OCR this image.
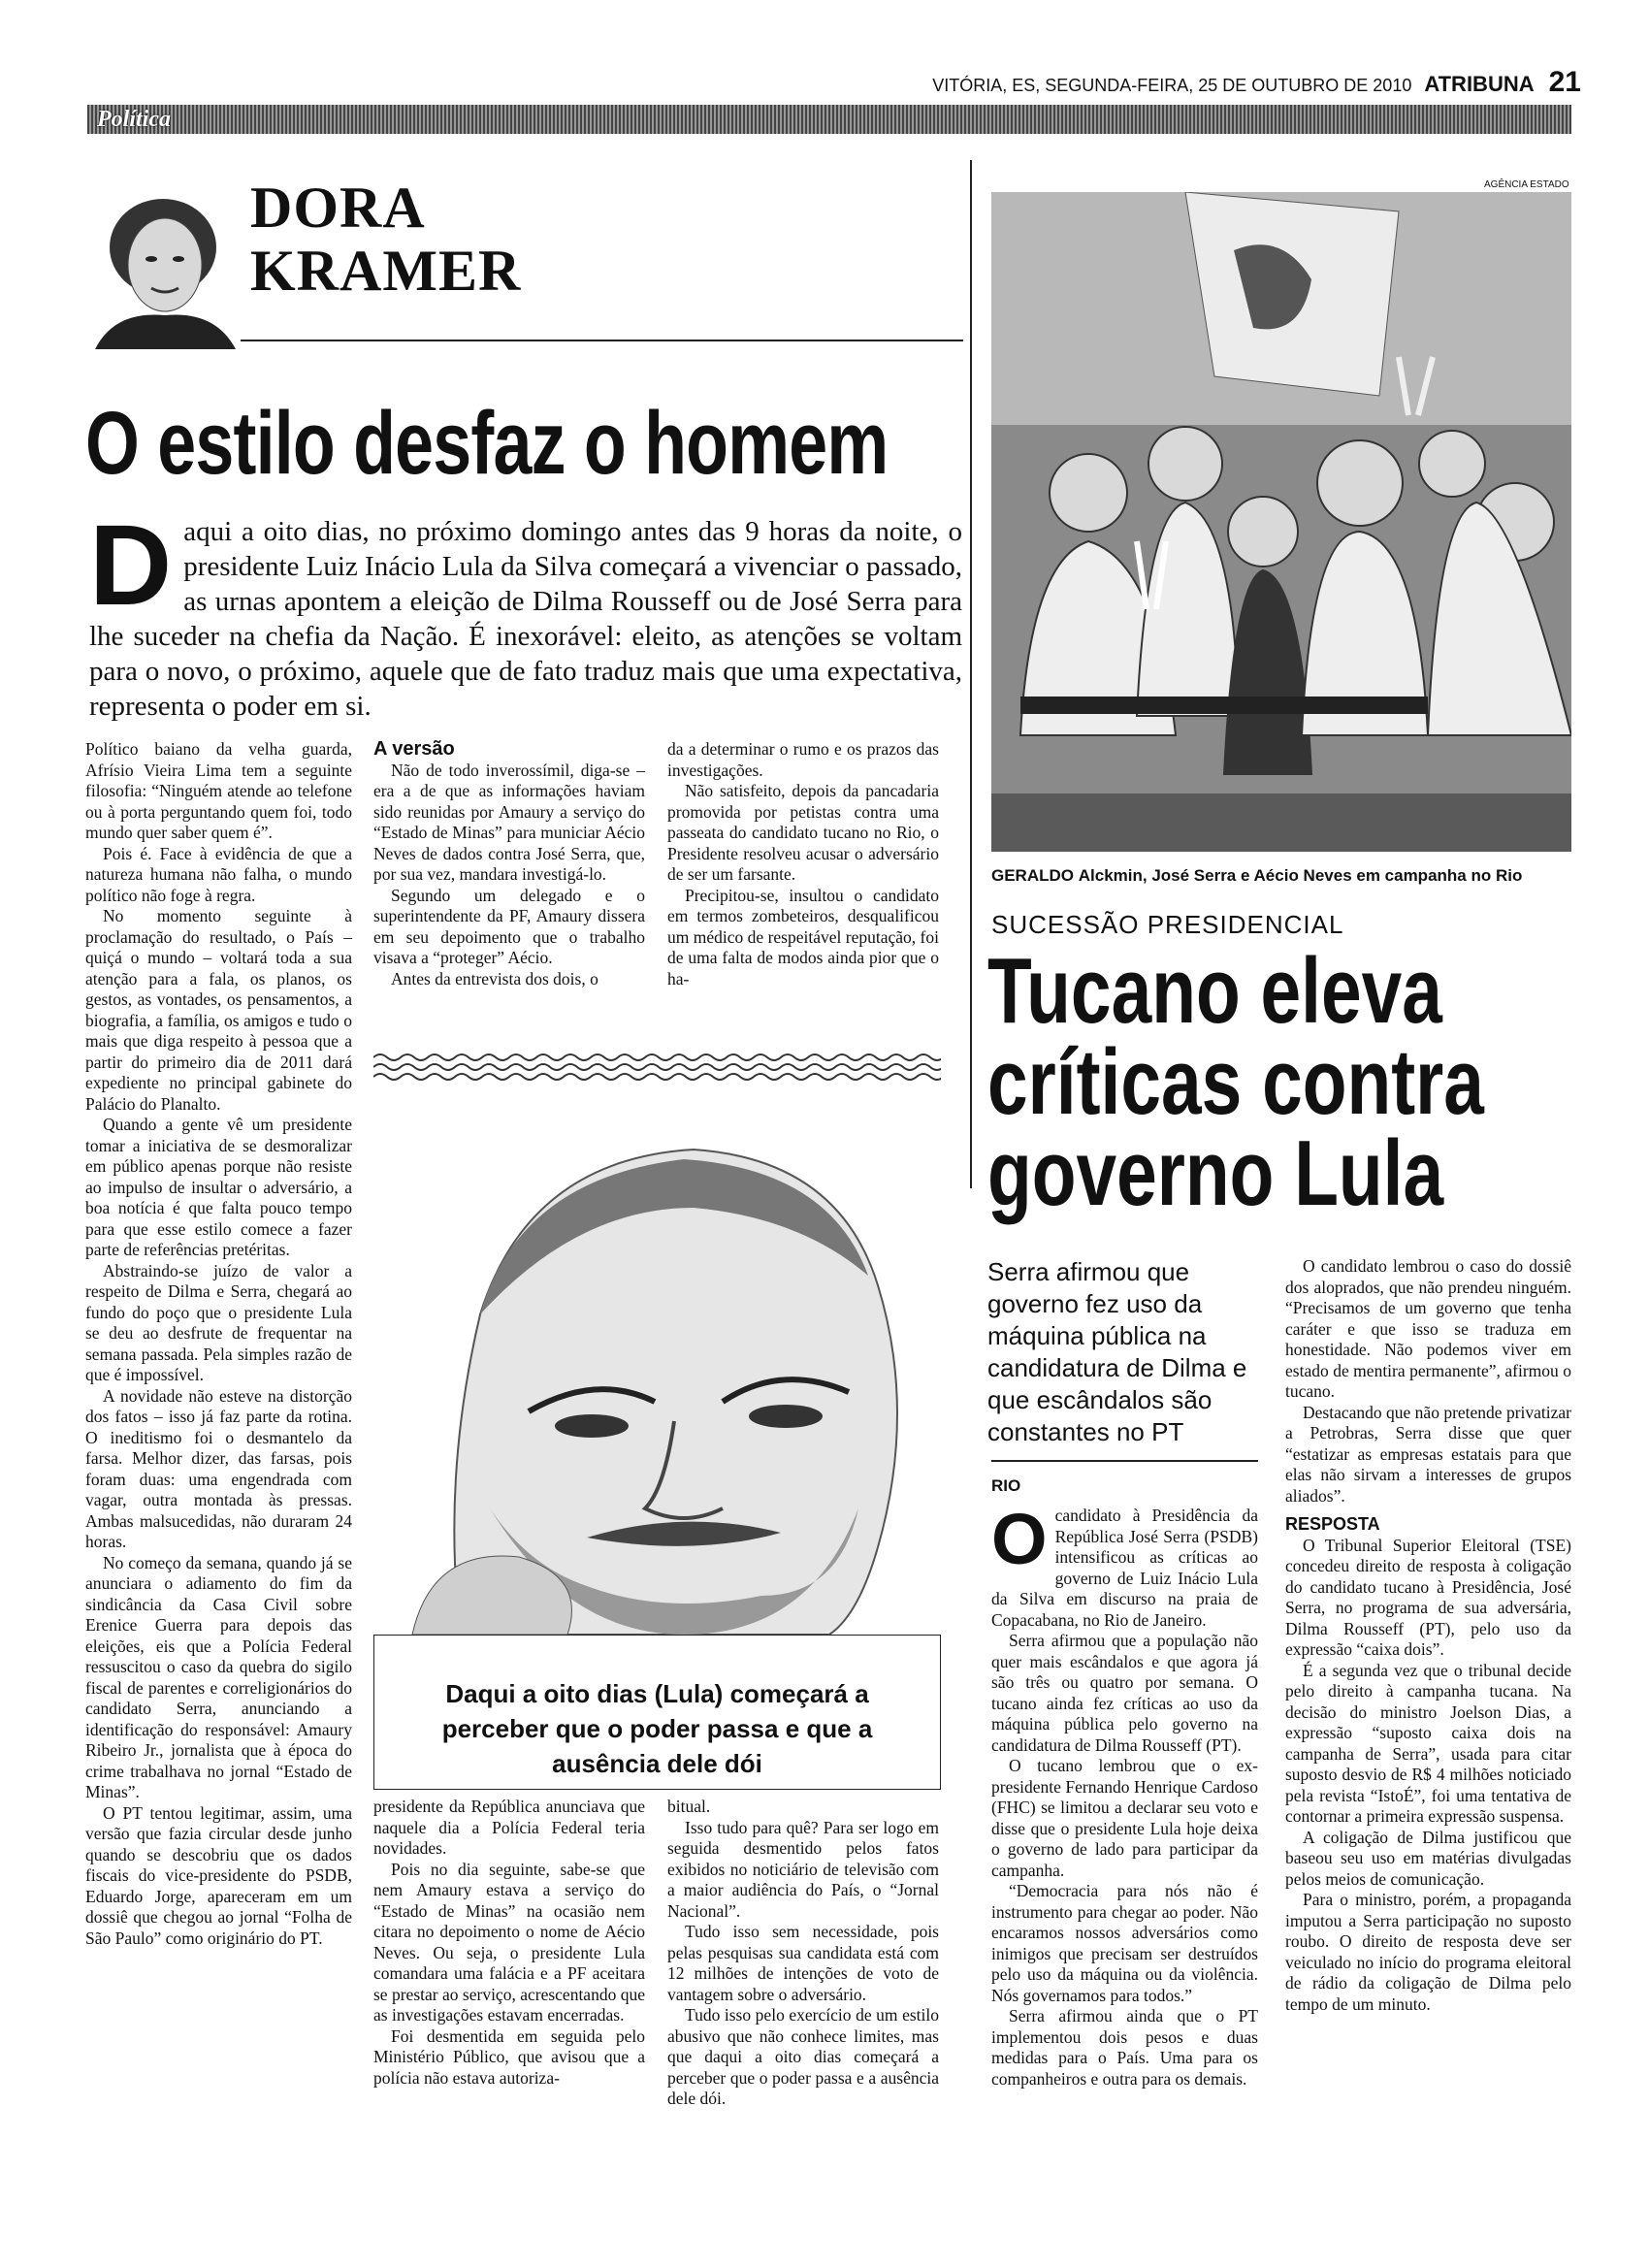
VITÓRIA, ES, SEGUNDA-FEIRA, 25 DE OUTUBRO DE 2010 ATRIBUNA 21
Política
DORA
KRAMER
O estilo desfaz o homem
D aqui a oito dias, no próximo domingo antes das 9 horas da noite, o presidente Luiz Inácio Lula da Silva começará a vivenciar o passado, as urnas apontem a eleição de Dilma Rousseff ou de José Serra para lhe suceder na chefia da Nação. É inexorável: eleito, as atenções se voltam para o novo, o próximo, aquele que de fato traduz mais que uma expectativa, representa o poder em si.

Político baiano da velha guarda, Afrísio Vieira Lima tem a seguinte filosofia: “Ninguém atende ao telefone ou à porta perguntando quem foi, todo mundo quer saber quem é”.

Pois é. Face à evidência de que a natureza humana não falha, o mundo político não foge à regra.

No momento seguinte à proclamação do resultado, o País – quiçá o mundo – voltará toda a sua atenção para a fala, os planos, os gestos, as vontades, os pensamentos, a biografia, a família, os amigos e tudo o mais que diga respeito à pessoa que a partir do primeiro dia de 2011 dará expediente no principal gabinete do Palácio do Planalto.

Quando a gente vê um presidente tomar a iniciativa de se desmoralizar em público apenas porque não resiste ao impulso de insultar o adversário, a boa notícia é que falta pouco tempo para que esse estilo comece a fazer parte de referências pretéritas.

Abstraindo-se juízo de valor a respeito de Dilma e Serra, chegará ao fundo do poço que o presidente Lula se deu ao desfrute de frequentar na semana passada. Pela simples razão de que é impossível.

A novidade não esteve na distorção dos fatos – isso já faz parte da rotina. O ineditismo foi o desmantelo da farsa. Melhor dizer, das farsas, pois foram duas: uma engendrada com vagar, outra montada às pressas. Ambas malsucedidas, não duraram 24 horas.

No começo da semana, quando já se anunciara o adiamento do fim da sindicância da Casa Civil sobre Erenice Guerra para depois das eleições, eis que a Polícia Federal ressuscitou o caso da quebra do sigilo fiscal de parentes e correligionários do candidato Serra, anunciando a identificação do responsável: Amaury Ribeiro Jr., jornalista que à época do crime trabalhava no jornal “Estado de Minas”.

O PT tentou legitimar, assim, uma versão que fazia circular desde junho quando se descobriu que os dados fiscais do vice-presidente do PSDB, Eduardo Jorge, apareceram em um dossiê que chegou ao jornal “Folha de São Paulo” como originário do PT.

A versão

Não de todo inverossímil, diga-se – era a de que as informações haviam sido reunidas por Amaury a serviço do “Estado de Minas” para municiar Aécio Neves de dados contra José Serra, que, por sua vez, mandara investigá-lo.

Segundo um delegado e o superintendente da PF, Amaury dissera em seu depoimento que o trabalho visava a “proteger” Aécio.

Antes da entrevista dos dois, o

da a determinar o rumo e os prazos das investigações.

Não satisfeito, depois da pancadaria promovida por petistas contra uma passeata do candidato tucano no Rio, o Presidente resolveu acusar o adversário de ser um farsante.

Precipitou-se, insultou o candidato em termos zombeteiros, desqualificou um médico de respeitável reputação, foi de uma falta de modos ainda pior que o ha-

Daqui a oito dias (Lula) começará a perceber que o poder passa e que a ausência dele dói

presidente da República anunciava que naquele dia a Polícia Federal teria novidades.

Pois no dia seguinte, sabe-se que nem Amaury estava a serviço do “Estado de Minas” na ocasião nem citara no depoimento o nome de Aécio Neves. Ou seja, o presidente Lula comandara uma falácia e a PF aceitara se prestar ao serviço, acrescentando que as investigações estavam encerradas.

Foi desmentida em seguida pelo Ministério Público, que avisou que a polícia não estava autoriza-

bitual.

Isso tudo para quê? Para ser logo em seguida desmentido pelos fatos exibidos no noticiário de televisão com a maior audiência do País, o “Jornal Nacional”.

Tudo isso sem necessidade, pois pelas pesquisas sua candidata está com 12 milhões de intenções de voto de vantagem sobre o adversário.

Tudo isso pelo exercício de um estilo abusivo que não conhece limites, mas que daqui a oito dias começará a perceber que o poder passa e a ausência dele dói.

AGÊNCIA ESTADO
GERALDO Alckmin, José Serra e Aécio Neves em campanha no Rio
SUCESSÃO PRESIDENCIAL
Tucano eleva críticas contra governo Lula
Serra afirmou que governo fez uso da máquina pública na candidatura de Dilma e que escândalos são constantes no PT
RIO

Ocandidato à Presidência da República José Serra (PSDB) intensificou as críticas ao governo de Luiz Inácio Lula da Silva em discurso na praia de Copacabana, no Rio de Janeiro.

Serra afirmou que a população não quer mais escândalos e que agora já são três ou quatro por semana. O tucano ainda fez críticas ao uso da máquina pública pelo governo na candidatura de Dilma Rousseff (PT).

O tucano lembrou que o ex-presidente Fernando Henrique Cardoso (FHC) se limitou a declarar seu voto e disse que o presidente Lula hoje deixa o governo de lado para participar da campanha.

“Democracia para nós não é instrumento para chegar ao poder. Não encaramos nossos adversários como inimigos que precisam ser destruídos pelo uso da máquina ou da violência. Nós governamos para todos.”

Serra afirmou ainda que o PT implementou dois pesos e duas medidas para o País. Uma para os companheiros e outra para os demais.

O candidato lembrou o caso do dossiê dos aloprados, que não prendeu ninguém. “Precisamos de um governo que tenha caráter e que isso se traduza em honestidade. Não podemos viver em estado de mentira permanente”, afirmou o tucano.

Destacando que não pretende privatizar a Petrobras, Serra disse que quer “estatizar as empresas estatais para que elas não sirvam a interesses de grupos aliados”.

RESPOSTA

O Tribunal Superior Eleitoral (TSE) concedeu direito de resposta à coligação do candidato tucano à Presidência, José Serra, no programa de sua adversária, Dilma Rousseff (PT), pelo uso da expressão “caixa dois”.

É a segunda vez que o tribunal decide pelo direito à campanha tucana. Na decisão do ministro Joelson Dias, a expressão “suposto caixa dois na campanha de Serra”, usada para citar suposto desvio de R$ 4 milhões noticiado pela revista “IstoÉ”, foi uma tentativa de contornar a primeira expressão suspensa.

A coligação de Dilma justificou que baseou seu uso em matérias divulgadas pelos meios de comunicação.

Para o ministro, porém, a propaganda imputou a Serra participação no suposto roubo. O direito de resposta deve ser veiculado no início do programa eleitoral de rádio da coligação de Dilma pelo tempo de um minuto.
